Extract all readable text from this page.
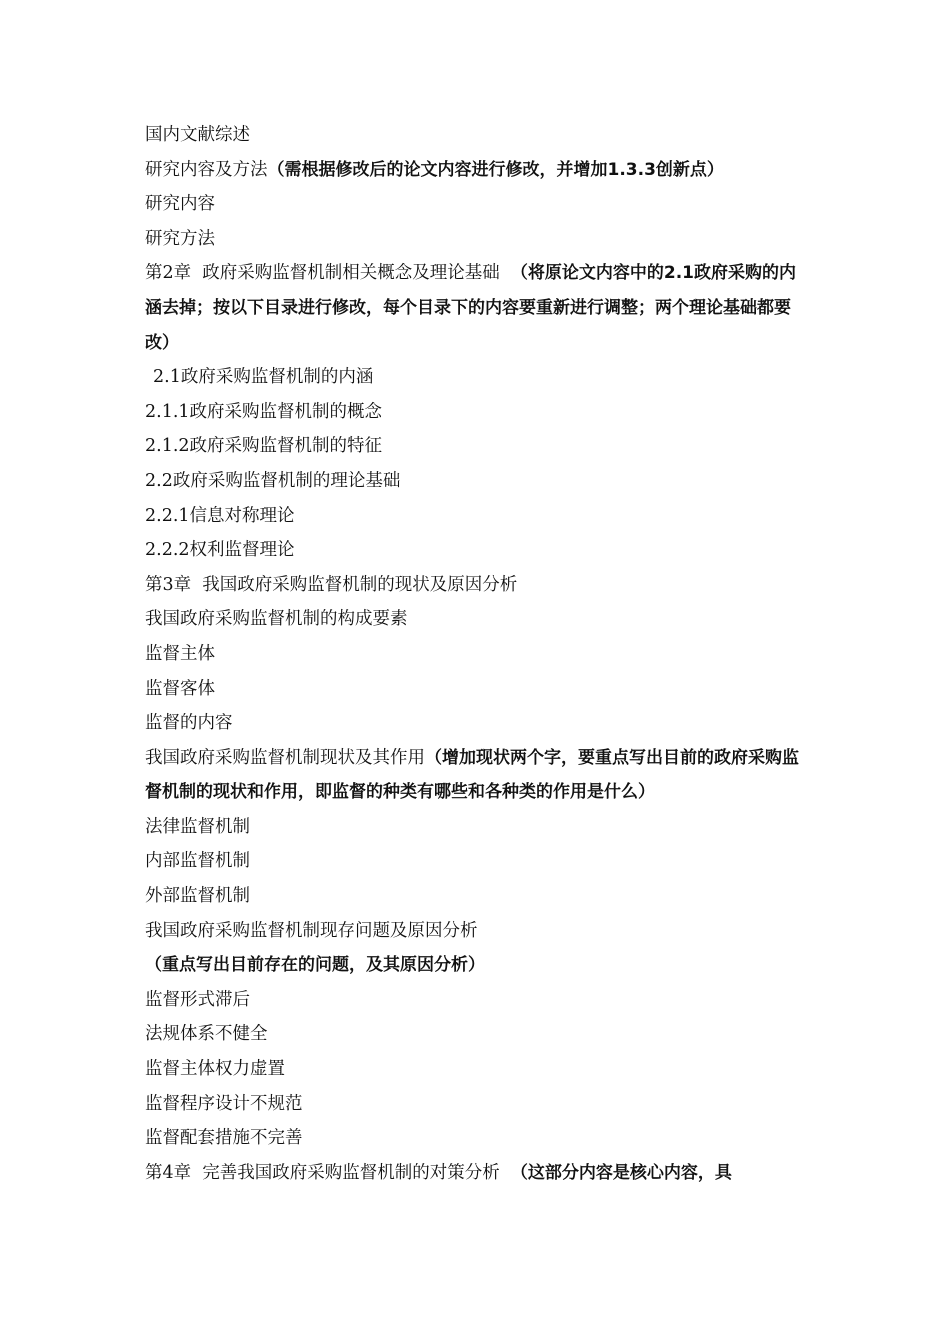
国内文献综述
研究内容及方法（需根据修改后的论文内容进行修改，并增加1.3.3创新点）
研究内容
研究方法
第2章  政府采购监督机制相关概念及理论基础  （将原论文内容中的2.1政府采购的内涵去掉；按以下目录进行修改，每个目录下的内容要重新进行调整；两个理论基础都要改）
2.1政府采购监督机制的内涵
2.1.1政府采购监督机制的概念
2.1.2政府采购监督机制的特征
2.2政府采购监督机制的理论基础
2.2.1信息对称理论
2.2.2权利监督理论
第3章  我国政府采购监督机制的现状及原因分析
我国政府采购监督机制的构成要素
监督主体
监督客体
监督的内容
我国政府采购监督机制现状及其作用（增加现状两个字，要重点写出目前的政府采购监督机制的现状和作用，即监督的种类有哪些和各种类的作用是什么）
法律监督机制
内部监督机制
外部监督机制
我国政府采购监督机制现存问题及原因分析（重点写出目前存在的问题，及其原因分析）
监督形式滞后
法规体系不健全
监督主体权力虚置
监督程序设计不规范
监督配套措施不完善
第4章  完善我国政府采购监督机制的对策分析  （这部分内容是核心内容，具
